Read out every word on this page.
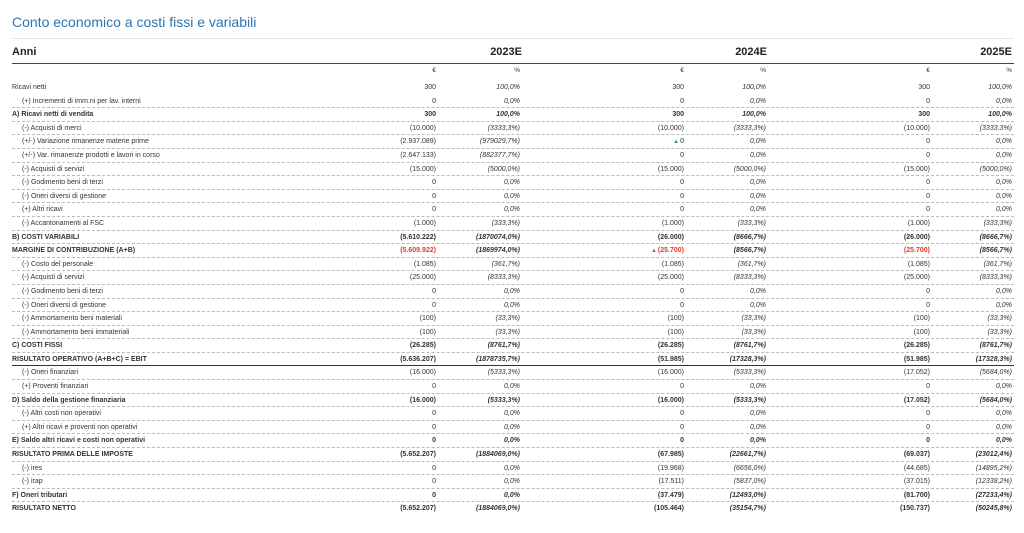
Conto economico a costi fissi e variabili
Anni	2023E	2024E	2025E
€	%	€	%	€	%
Ricavi netti	300	100,0%	300	100,0%	300	100,0%
(+) Incrementi di imm.ni per lav. interni	0	0,0%	0	0,0%	0	0,0%
A) Ricavi netti di vendita	300	100,0%	300	100,0%	300	100,0%
(-) Acquisti di merci	(10.000)	(3333,3%)	(10.000)	(3333,3%)	(10.000)	(3333,3%)
(+/-) Variazione rimanenze materie prime	(2.937.089)	(979029,7%)	▲0	0,0%	0	0,0%
(+/-) Var. rimanenze prodotti e lavori in corso	(2.647.133)	(882377,7%)	0	0,0%	0	0,0%
(-) Acquisti di servizi	(15.000)	(5000,0%)	(15.000)	(5000,0%)	(15.000)	(5000,0%)
(-) Godimento beni di terzi	0	0,0%	0	0,0%	0	0,0%
(-) Oneri diversi di gestione	0	0,0%	0	0,0%	0	0,0%
(+) Altri ricavi	0	0,0%	0	0,0%	0	0,0%
(-) Accantonamenti al FSC	(1.000)	(333,3%)	(1.000)	(333,3%)	(1.000)	(333,3%)
B) COSTI VARIABILI	(5.610.222)	(1870074,0%)	(26.000)	(8666,7%)	(26.000)	(8666,7%)
MARGINE DI CONTRIBUZIONE (A+B)	(5.609.922)	(1869974,0%)	▲(25.700)	(8566,7%)	(25.700)	(8566,7%)
(-) Costo del personale	(1.085)	(361,7%)	(1.085)	(361,7%)	(1.085)	(361,7%)
(-) Acquisti di servizi	(25.000)	(8333,3%)	(25.000)	(8333,3%)	(25.000)	(8333,3%)
(-) Godimento beni di terzi	0	0,0%	0	0,0%	0	0,0%
(-) Oneri diversi di gestione	0	0,0%	0	0,0%	0	0,0%
(-) Ammortamento beni materiali	(100)	(33,3%)	(100)	(33,3%)	(100)	(33,3%)
(-) Ammortamento beni immateriali	(100)	(33,3%)	(100)	(33,3%)	(100)	(33,3%)
C) COSTI FISSI	(26.285)	(8761,7%)	(26.285)	(8761,7%)	(26.285)	(8761,7%)
RISULTATO OPERATIVO (A+B+C) = EBIT	(5.636.207)	(1878735,7%)	(51.985)	(17328,3%)	(51.985)	(17328,3%)
(-) Oneri finanziari	(16.000)	(5333,3%)	(16.000)	(5333,3%)	(17.052)	(5684,0%)
(+) Proventi finanziari	0	0,0%	0	0,0%	0	0,0%
D) Saldo della gestione finanziaria	(16.000)	(5333,3%)	(16.000)	(5333,3%)	(17.052)	(5684,0%)
(-) Altri costi non operativi	0	0,0%	0	0,0%	0	0,0%
(+) Altri ricavi e proventi non operativi	0	0,0%	0	0,0%	0	0,0%
E) Saldo altri ricavi e costi non operativi	0	0,0%	0	0,0%	0	0,0%
RISULTATO PRIMA DELLE IMPOSTE	(5.652.207)	(1884069,0%)	(67.985)	(22661,7%)	(69.037)	(23012,4%)
(-) ires	0	0,0%	(19.968)	(6656,0%)	(44.685)	(14895,2%)
(-) irap	0	0,0%	(17.511)	(5837,0%)	(37.015)	(12338,2%)
F) Oneri tributari	0	0,0%	(37.479)	(12493,0%)	(81.700)	(27233,4%)
RISULTATO NETTO	(5.652.207)	(1884069,0%)	(105.464)	(35154,7%)	(150.737)	(50245,8%)
